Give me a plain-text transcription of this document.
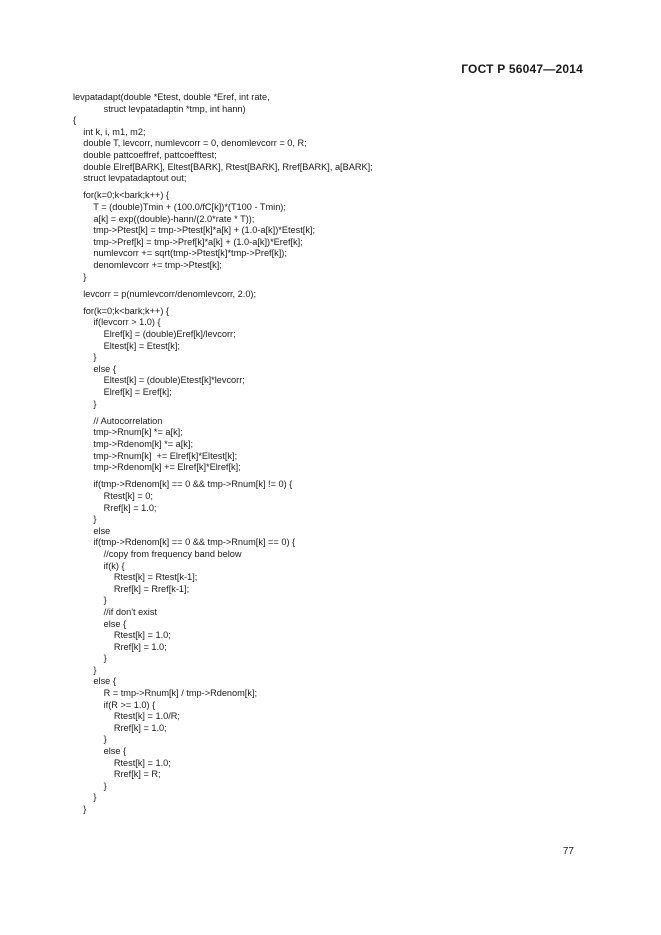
ГОСТ Р 56047—2014
levpatadapt(double *Etest, double *Eref, int rate,
struct levpatadaptin *tmp, int hann)
{
int k, i, m1, m2;
double T, levcorr, numlevcorr = 0, denomlevcorr = 0, R;
double pattcoeffref, pattcoefftest;
double Elref[BARK], Eltest[BARK], Rtest[BARK], Rref[BARK], a[BARK];
struct levpatadaptout out;
for(k=0;k<bark;k++) {
T = (double)Tmin + (100.0/fC[k])*(T100 - Tmin);
a[k] = exp((double)-hann/(2.0*rate * T));
tmp->Ptest[k] = tmp->Ptest[k]*a[k] + (1.0-a[k])*Etest[k];
tmp->Pref[k] = tmp->Pref[k]*a[k] + (1.0-a[k])*Eref[k];
numlevcorr += sqrt(tmp->Ptest[k]*tmp->Pref[k]);
denomlevcorr += tmp->Ptest[k];
}
levcorr = p(numlevcorr/denomlevcorr, 2.0);
for(k=0;k<bark;k++) {
if(levcorr > 1.0) {
Elref[k] = (double)Eref[k]/levcorr;
Eltest[k] = Etest[k];
}
else {
Eltest[k] = (double)Etest[k]*levcorr;
Elref[k] = Eref[k];
}
// Autocorrelation
tmp->Rnum[k] *= a[k];
tmp->Rdenom[k] *= a[k];
tmp->Rnum[k]  += Elref[k]*Eltest[k];
tmp->Rdenom[k] += Elref[k]*Elref[k];
if(tmp->Rdenom[k] == 0 && tmp->Rnum[k] != 0) {
Rtest[k] = 0;
Rref[k] = 1.0;
}
else
if(tmp->Rdenom[k] == 0 && tmp->Rnum[k] == 0) {
//copy from frequency band below
if(k) {
Rtest[k] = Rtest[k-1];
Rref[k] = Rref[k-1];
}
//if don't exist
else {
Rtest[k] = 1.0;
Rref[k] = 1.0;
}
}
else {
R = tmp->Rnum[k] / tmp->Rdenom[k];
if(R >= 1.0) {
Rtest[k] = 1.0/R;
Rref[k] = 1.0;
}
else {
Rtest[k] = 1.0;
Rref[k] = R;
}
}
}
77
